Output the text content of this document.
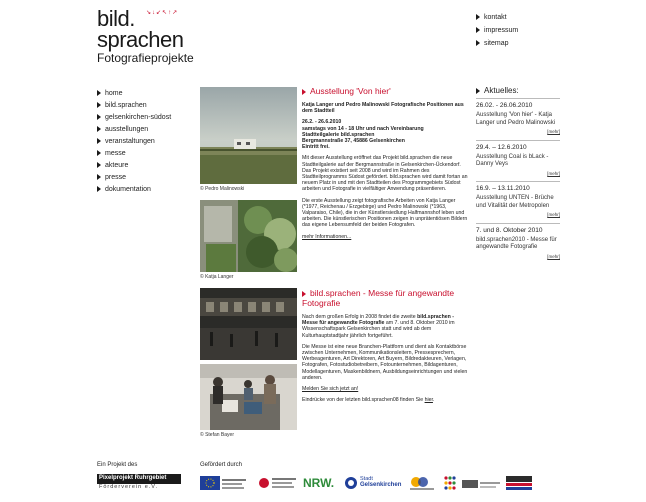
bild.	↘↓↙↖↑↗
sprachen
Fotografieprojekte
kontakt
impressum
sitemap
home
bild.sprachen
gelsenkirchen-südost
ausstellungen
veranstaltungen
messe
akteure
presse
dokumentation	© Pedro Malinowski
© Katja Langer
© Stefan Bayer
Ausstellung 'Von hier'

Katja Langer und Pedro Malinowski Fotografische Positionen aus dem Stadtteil

26.2. - 26.6.2010
samstags von 14 - 18 Uhr und nach Vereinbarung
Stadtteilgalerie bild.sprachen
Bergmannstraße 37, 45886 Gelsenkirchen
Eintritt frei.

Mit dieser Ausstellung eröffnet das Projekt bild.sprachen die neue Stadtteilgalerie auf der Bergmannstraße in Gelsenkirchen-Ückendorf. Das Projekt existiert seit 2008 und wird im Rahmen des Stadtteilprogramms Südost gefördert. bild.sprachen wird damit fortan an neuem Platz in und mit den Stadtteilen des Programmgebiets Südost arbeiten und Fotografie in vielfältiger Anwendung präsentieren.

Die erste Ausstellung zeigt fotografische Arbeiten von Katja Langer (*1977, Reichenau / Erzgebirge) und Pedro Malinowski (*1963, Valparaiso, Chile), die in der Künstlersiedlung Halfmannshof leben und arbeiten. Die künstlerischen Positionen zeigen in unprätentiösen Bildern das eigene Lebensumfeld der beiden Fotografen.

mehr Informationen...

bild.sprachen - Messe für angewandte Fotografie

Nach dem großen Erfolg in 2008 findet die zweite bild.sprachen - Messe für angewandte Fotografie am 7. und 8. Oktober 2010 im Wissenschaftspark Gelsenkirchen statt und wird ab dem Kulturhauptstadtjahr jährlich fortgeführt.

Die Messe ist eine neue Branchen-Plattform und dient als Kontaktbörse zwischen Unternehmen, Kommunikationsleitern, Pressesprechern, Werbeagenturen, Art Direktoren, Art Buyern, Bildredakteuren, Verlagen, Fotografen, Fotostudiobetreibern, Fotounternehmen, Bildagenturen, Modellagenturen, Maskenbildnern, Ausbildungseinrichtungen und vielen anderen.

Melden Sie sich jetzt an!

Eindrücke von der letzten bild.sprachen08 finden Sie hier.

Aktuelles:
26.02. - 26.06.2010
Ausstellung 'Von hier' - Katja Langer und Pedro Malinowski
[mehr]
29.4. – 12.6.2010
Ausstellung Coal is bLack - Danny Veys
[mehr]
16.9. – 13.11.2010
Ausstellung UNTEN - Brüche und Vitalität der Metropolen
[mehr]
7. und 8. Oktober 2010
bild.sprachen2010 - Messe für angewandte Fotografie
[mehr]
Ein Projekt des
Pixelprojekt Ruhrgebiet
Förderverein e.V.
Gefördert durch
NRW.	Stadt
Gelsenkirchen
